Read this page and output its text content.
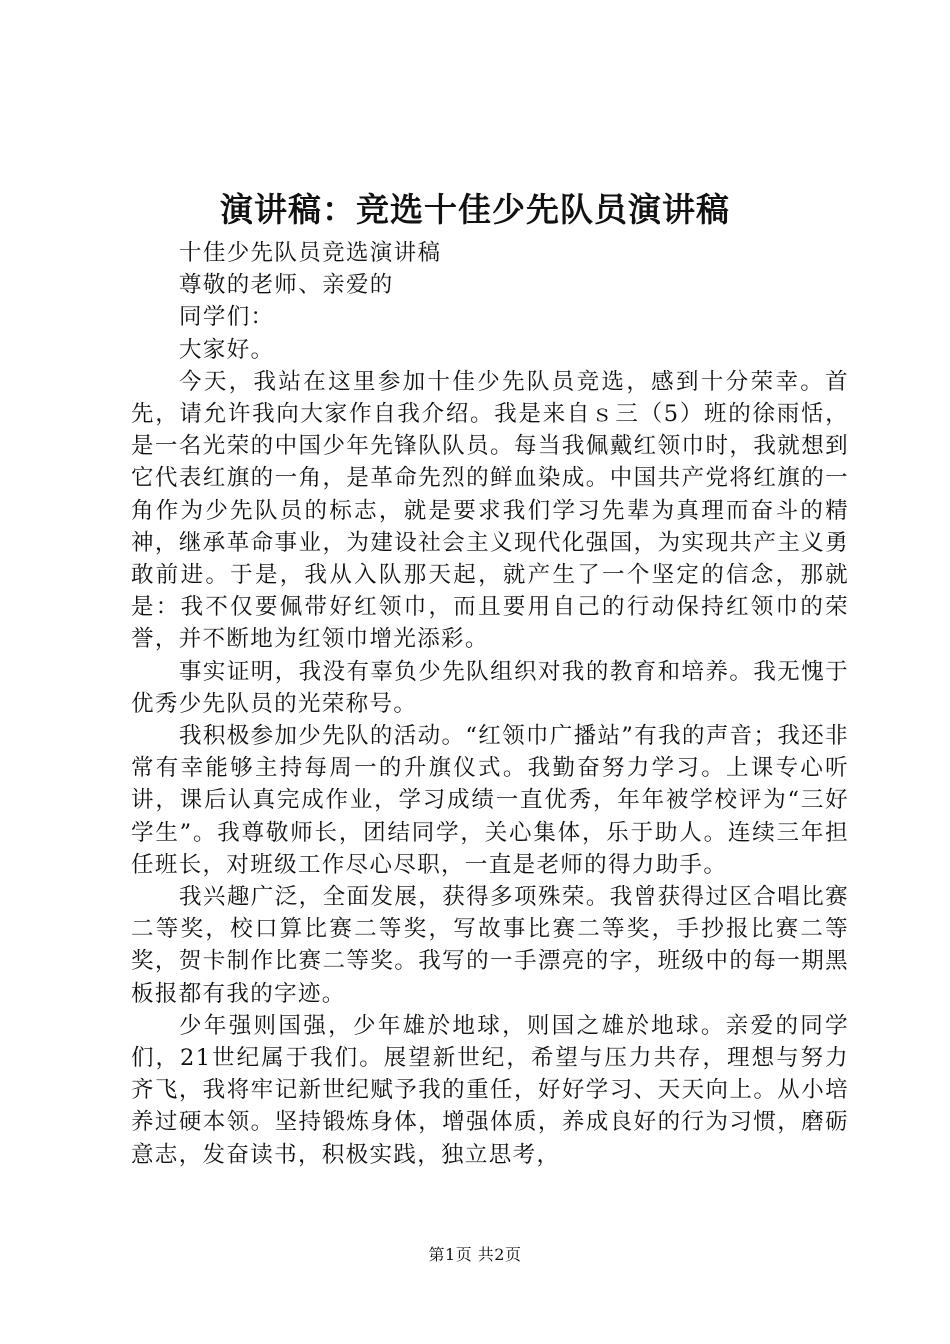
演讲稿：竞选十佳少先队员演讲稿

十佳少先队员竞选演讲稿

尊敬的老师、亲爱的

同学们：

大家好。

今天，我站在这里参加十佳少先队员竞选，感到十分荣幸。首先，请允许我向大家作自我介绍。我是来自ｓ三（5）班的徐雨恬，是一名光荣的中国少年先锋队队员。每当我佩戴红领巾时，我就想到它代表红旗的一角，是革命先烈的鲜血染成。中国共产党将红旗的一角作为少先队员的标志，就是要求我们学习先辈为真理而奋斗的精神，继承革命事业，为建设社会主义现代化强国，为实现共产主义勇敢前进。于是，我从入队那天起，就产生了一个坚定的信念，那就是：我不仅要佩带好红领巾，而且要用自己的行动保持红领巾的荣誉，并不断地为红领巾增光添彩。

事实证明，我没有辜负少先队组织对我的教育和培养。我无愧于优秀少先队员的光荣称号。

我积极参加少先队的活动。“红领巾广播站”有我的声音；我还非常有幸能够主持每周一的升旗仪式。我勤奋努力学习。上课专心听讲，课后认真完成作业，学习成绩一直优秀，年年被学校评为“三好学生”。我尊敬师长，团结同学，关心集体，乐于助人。连续三年担任班长，对班级工作尽心尽职，一直是老师的得力助手。

我兴趣广泛，全面发展，获得多项殊荣。我曾获得过区合唱比赛二等奖，校口算比赛二等奖，写故事比赛二等奖，手抄报比赛二等奖，贺卡制作比赛二等奖。我写的一手漂亮的字，班级中的每一期黑板报都有我的字迹。

少年强则国强，少年雄於地球，则国之雄於地球。亲爱的同学们，21世纪属于我们。展望新世纪，希望与压力共存，理想与努力齐飞，我将牢记新世纪赋予我的重任，好好学习、天天向上。从小培养过硬本领。坚持锻炼身体，增强体质，养成良好的行为习惯，磨砺意志，发奋读书，积极实践，独立思考，

第1页 共2页
